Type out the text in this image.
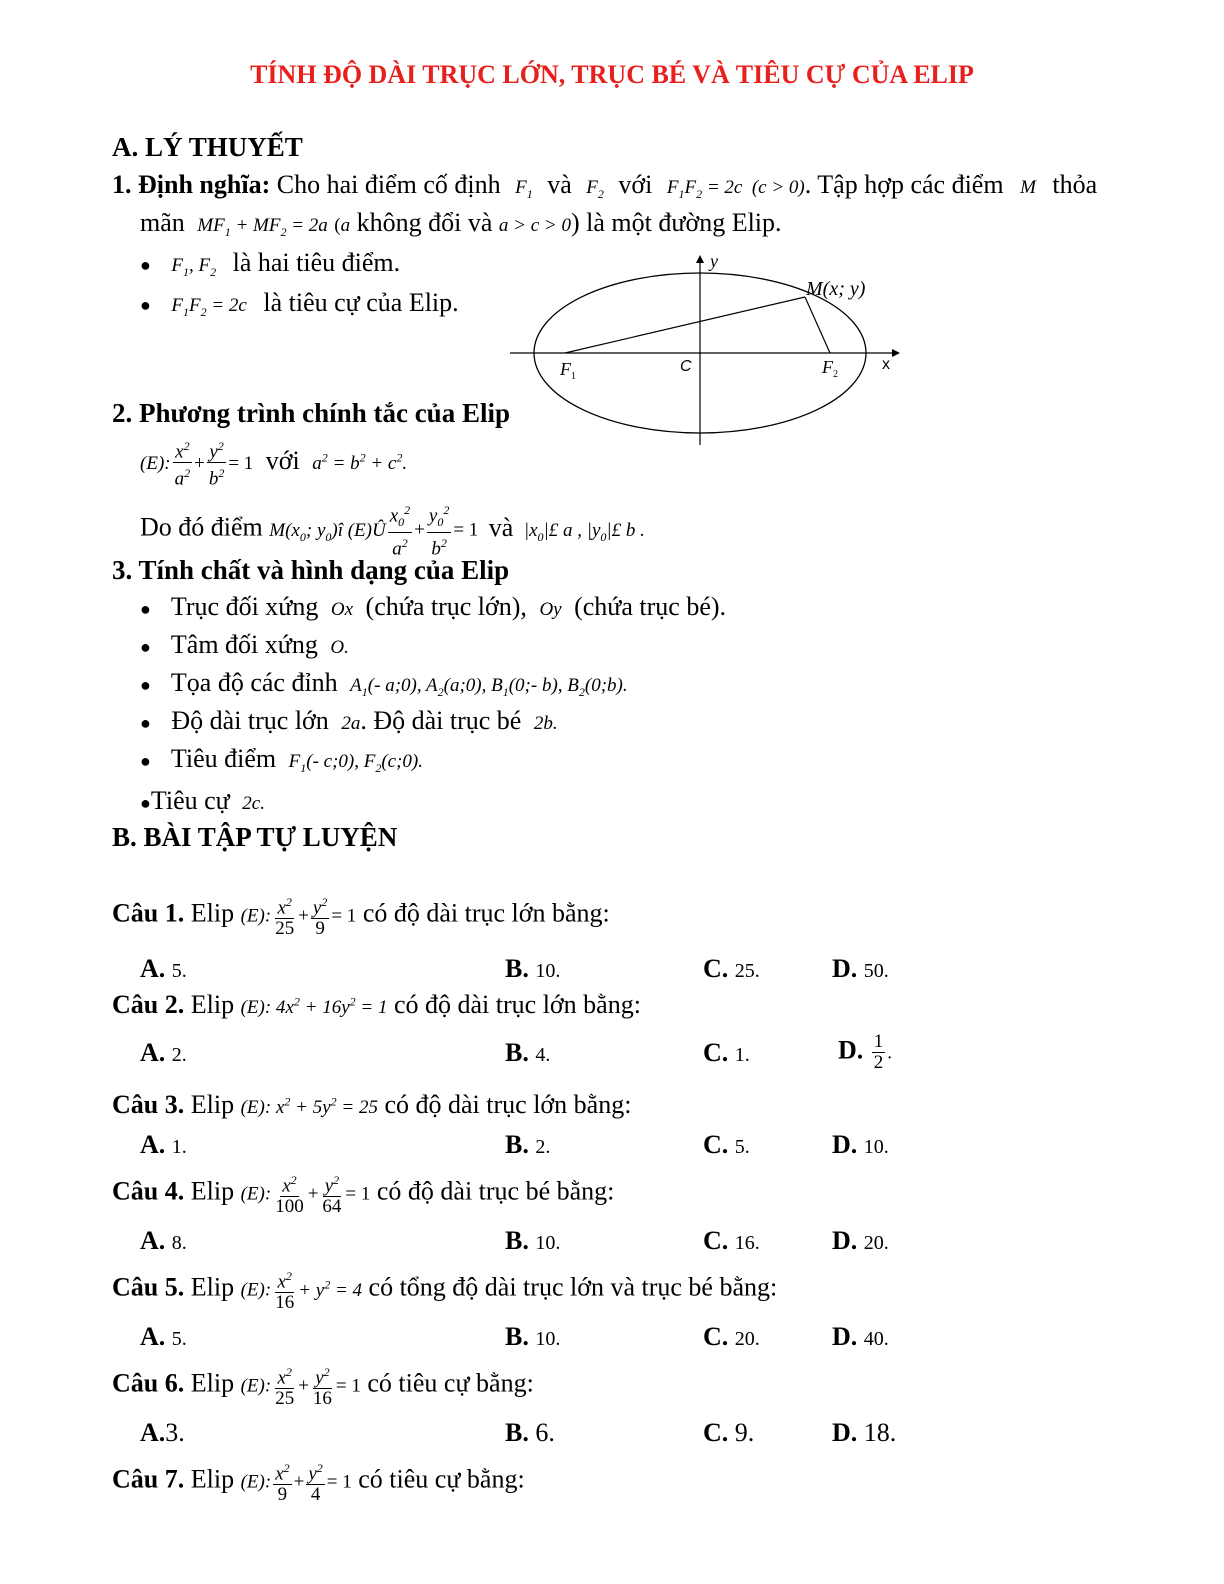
TÍNH ĐỘ DÀI TRỤC LỚN, TRỤC BÉ VÀ TIÊU CỰ CỦA ELIP
A. LÝ THUYẾT
1. Định nghĩa: Cho hai điểm cố định $F_1$ và $F_2$ với $F_1F_2 = 2c$  (c > 0). Tập hợp các điểm M thỏa
mãn $MF_1 + MF_2 = 2a$ (a không đổi và a > c > 0) là một đường Elip.
● $F_1$, $F_2$ là hai tiêu điểm.
● $F_1F_2 = 2c$ là tiêu cự của Elip.
y
x
C
F 1	F 2
M(x; y)
2. Phương trình chính tắc của Elip
(E): $\frac{x^2}{a^2} + \frac{y^2}{b^2} = 1$ với $a^2 = b^2 + c^2$.
Do đó điểm $M(x_0$; $y_0)î$ (E)Û $\frac{x_0^2}{a^2} + \frac{y_0^2}{b^2} = 1$ và $|x_0|£$ a , $|y_0|£$ b .
3. Tính chất và hình dạng của Elip
● Trục đối xứng Ox (chứa trục lớn), Oy (chứa trục bé).
● Tâm đối xứng O.
● Tọa độ các đỉnh $A_1(-$ a;0), $A_2(a;0)$, $B_1(0;-$ b), $B_2(0;b)$.
● Độ dài trục lớn 2a. Độ dài trục bé 2b.
● Tiêu điểm $F_1(-$ c;0), $F_2(c;0)$.
●Tiêu cự 2c.
B. BÀI TẬP TỰ LUYỆN
Câu 1. Elip (E): $\frac{x^2}{25} + \frac{y^2}{9} = 1$ có độ dài trục lớn bằng:
A. 5.	B. 10.	C. 25.	D. 50.
Câu 2. Elip (E): $4x^2 + 16y^2 = 1$ có độ dài trục lớn bằng:
A. 2.	B. 4.	C. 1.	D. $\frac{1}{2}$ .
Câu 3. Elip (E): $x^2 + 5y^2 = 25$ có độ dài trục lớn bằng:
A. 1.	B. 2.	C. 5.	D. 10.
Câu 4. Elip (E): $\frac{x^2}{100} + \frac{y^2}{64} = 1$ có độ dài trục bé bằng:
A. 8.	B. 10.	C. 16.	D. 20.
Câu 5. Elip (E): $\frac{x^2}{16} + y^2 = 4$ có tổng độ dài trục lớn và trục bé bằng:
A. 5.	B. 10.	C. 20.	D. 40.
Câu 6. Elip (E): $\frac{x^2}{25} + \frac{y^2}{16} = 1$ có tiêu cự bằng:
A.3.	B. 6.	C. 9.	D. 18.
Câu 7. Elip (E): $\frac{x^2}{9} + \frac{y^2}{4} = 1$ có tiêu cự bằng:
